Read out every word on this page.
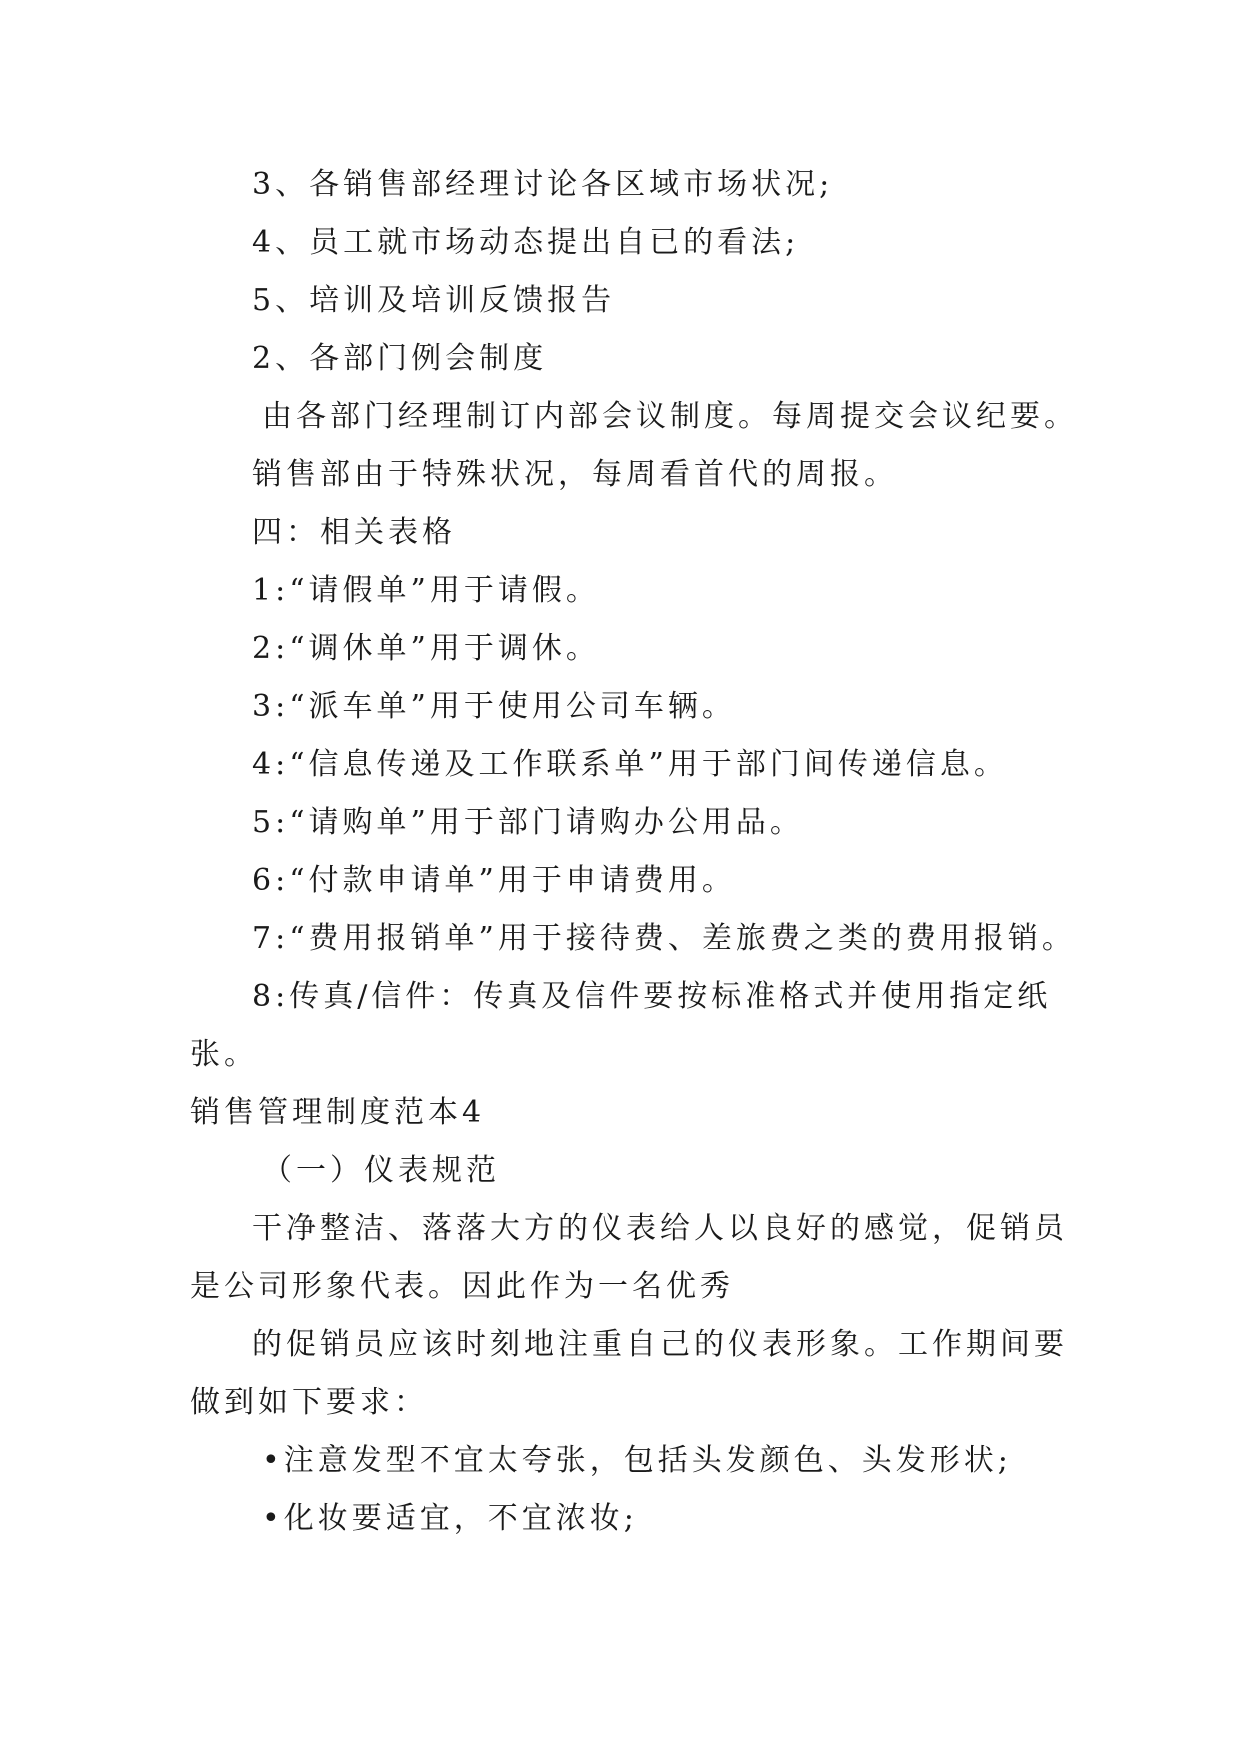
3、各销售部经理讨论各区域市场状况;
4、员工就市场动态提出自已的看法;
5、培训及培训反馈报告
2、各部门例会制度
由各部门经理制订内部会议制度。每周提交会议纪要。
销售部由于特殊状况，每周看首代的周报。
四：相关表格
1:“请假单”用于请假。
2:“调休单”用于调休。
3:“派车单”用于使用公司车辆。
4:“信息传递及工作联系单”用于部门间传递信息。
5:“请购单”用于部门请购办公用品。
6:“付款申请单”用于申请费用。
7:“费用报销单”用于接待费、差旅费之类的费用报销。
8:传真/信件：传真及信件要按标准格式并使用指定纸
张。
销售管理制度范本4
（一）仪表规范
干净整洁、落落大方的仪表给人以良好的感觉，促销员
是公司形象代表。因此作为一名优秀
的促销员应该时刻地注重自己的仪表形象。工作期间要
做到如下要求：
•注意发型不宜太夸张，包括头发颜色、头发形状;
•化妆要适宜，不宜浓妆;
